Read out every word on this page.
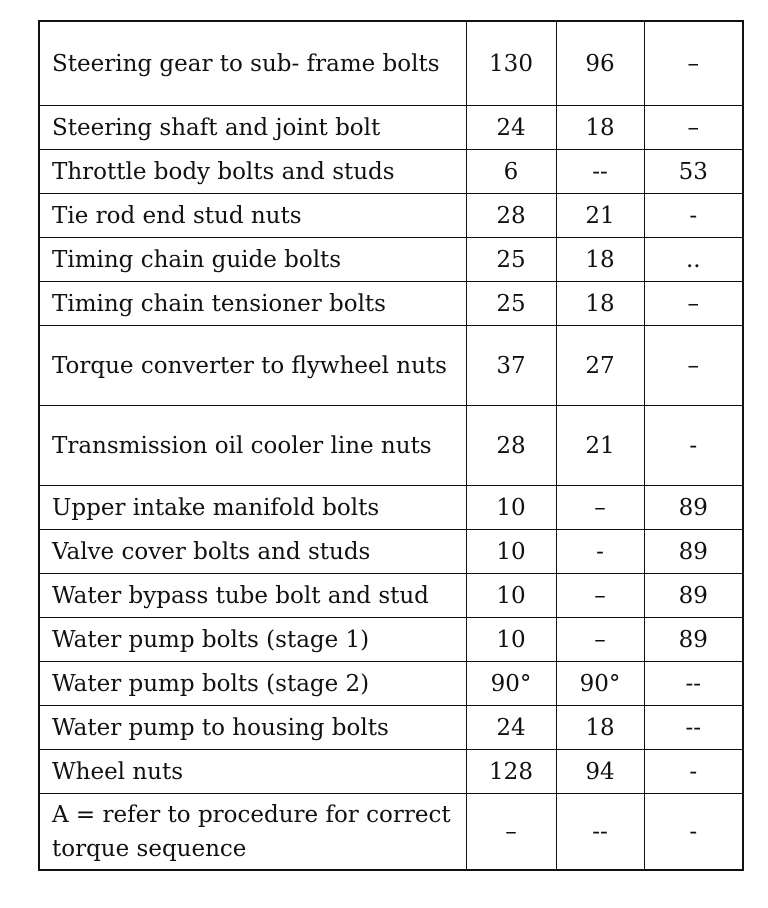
Steering gear to sub- frame bolts	130	96	–
Steering shaft and joint bolt	24	18	–
Throttle body bolts and studs	6	--	53
Tie rod end stud nuts	28	21	-
Timing chain guide bolts	25	18	..
Timing chain tensioner bolts	25	18	–
Torque converter to flywheel nuts	37	27	–
Transmission oil cooler line nuts	28	21	-
Upper intake manifold bolts	10	–	89
Valve cover bolts and studs	10	-	89
Water bypass tube bolt and stud	10	–	89
Water pump bolts (stage 1)	10	–	89
Water pump bolts (stage 2)	90°	90°	--
Water pump to housing bolts	24	18	--
Wheel nuts	128	94	-
A = refer to procedure for correct torque sequence	–	--	-
